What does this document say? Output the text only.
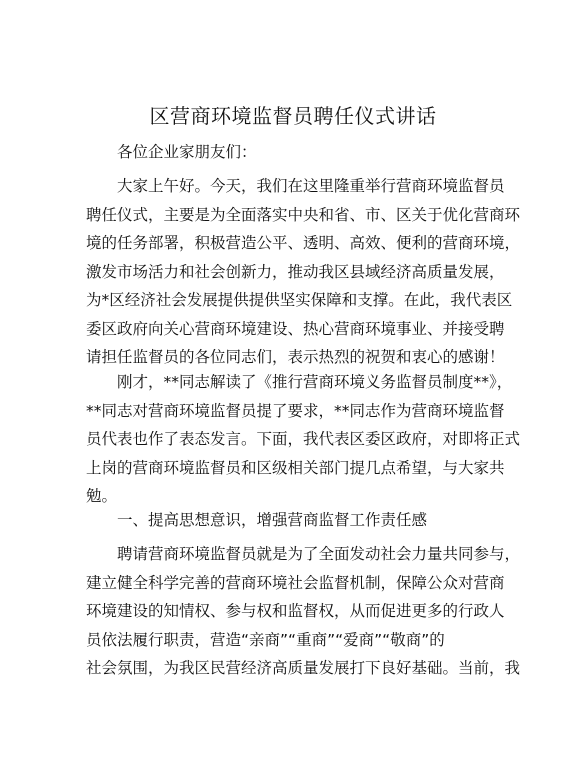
区营商环境监督员聘任仪式讲话
各位企业家朋友们：
大家上午好。今天，我们在这里隆重举行营商环境监督员
聘任仪式，主要是为全面落实中央和省、市、区关于优化营商环
境的任务部署，积极营造公平、透明、高效、便利的营商环境，
激发市场活力和社会创新力，推动我区县域经济高质量发展，
为*区经济社会发展提供提供坚实保障和支撑。在此，我代表区
委区政府向关心营商环境建设、热心营商环境事业、并接受聘
请担任监督员的各位同志们，表示热烈的祝贺和衷心的感谢！
刚才，**同志解读了《推行营商环境义务监督员制度**》，
**同志对营商环境监督员提了要求，**同志作为营商环境监督
员代表也作了表态发言。下面，我代表区委区政府，对即将正式
上岗的营商环境监督员和区级相关部门提几点希望，与大家共
勉。
一、提高思想意识，增强营商监督工作责任感
聘请营商环境监督员就是为了全面发动社会力量共同参与，
建立健全科学完善的营商环境社会监督机制，保障公众对营商
环境建设的知情权、参与权和监督权，从而促进更多的行政人
员依法履行职责，营造“亲商”“重商”“爱商”“敬商”的
社会氛围，为我区民营经济高质量发展打下良好基础。当前，我
